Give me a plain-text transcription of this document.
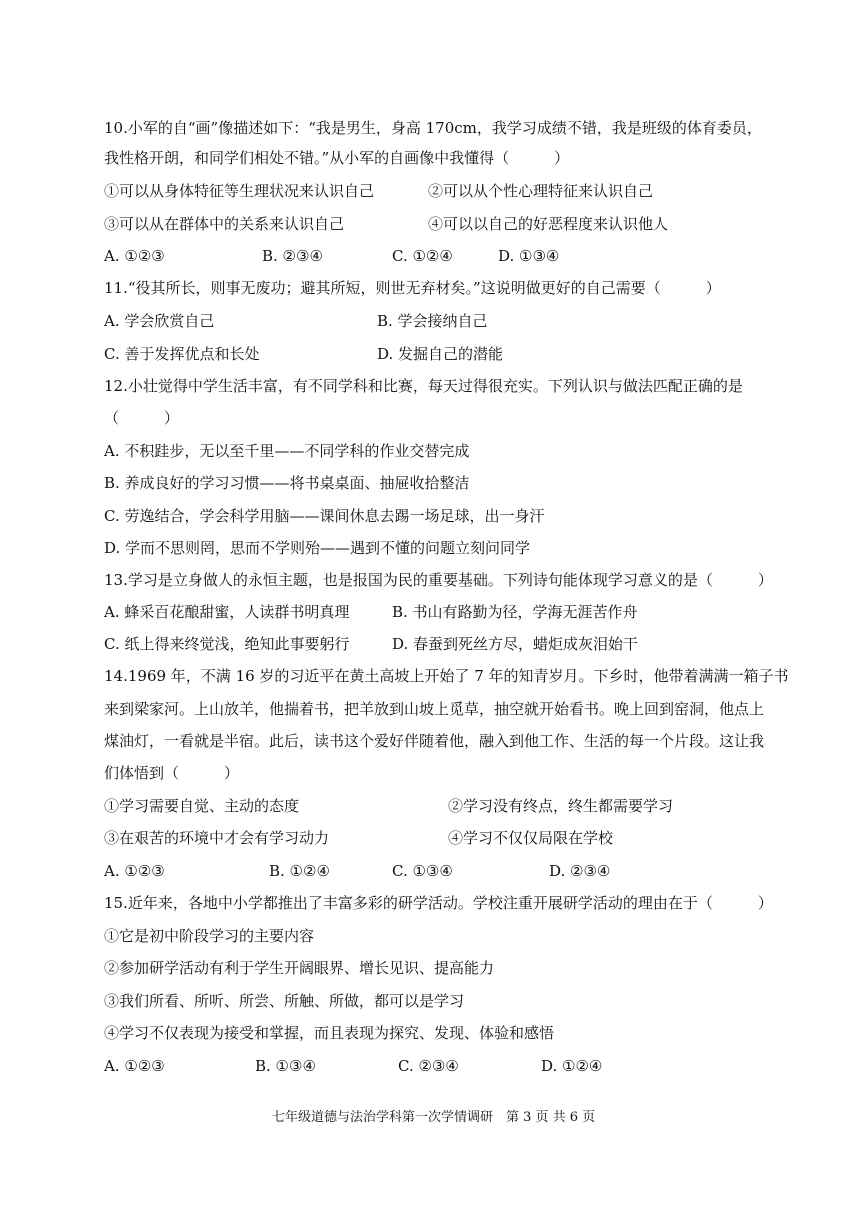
10.小军的自“画”像描述如下：“我是男生，身高 170cm，我学习成绩不错，我是班级的体育委员，
我性格开朗，和同学们相处不错。”从小军的自画像中我懂得（　　　）
①可以从身体特征等生理状况来认识自己	②可以从个性心理特征来认识自己
③可以从在群体中的关系来认识自己	④可以以自己的好恶程度来认识他人
A. ①②③	B. ②③④	C. ①②④	D. ①③④
11.“役其所长，则事无废功；避其所短，则世无弃材矣。”这说明做更好的自己需要（　　　）
A. 学会欣赏自己	B. 学会接纳自己
C. 善于发挥优点和长处	D. 发掘自己的潜能
12.小壮觉得中学生活丰富，有不同学科和比赛，每天过得很充实。下列认识与做法匹配正确的是
（　　　）
A. 不积跬步，无以至千里——不同学科的作业交替完成
B. 养成良好的学习习惯——将书桌桌面、抽屉收拾整洁
C. 劳逸结合，学会科学用脑——课间休息去踢一场足球，出一身汗
D. 学而不思则罔，思而不学则殆——遇到不懂的问题立刻问同学
13.学习是立身做人的永恒主题，也是报国为民的重要基础。下列诗句能体现学习意义的是（　　　）
A. 蜂采百花酿甜蜜，人读群书明真理	B. 书山有路勤为径，学海无涯苦作舟
C. 纸上得来终觉浅，绝知此事要躬行	D. 春蚕到死丝方尽，蜡炬成灰泪始干
14.1969 年，不满 16 岁的习近平在黄土高坡上开始了 7 年的知青岁月。下乡时，他带着满满一箱子书
来到梁家河。上山放羊，他揣着书，把羊放到山坡上觅草，抽空就开始看书。晚上回到窑洞，他点上
煤油灯，一看就是半宿。此后，读书这个爱好伴随着他，融入到他工作、生活的每一个片段。这让我
们体悟到（　　　）
①学习需要自觉、主动的态度	②学习没有终点，终生都需要学习
③在艰苦的环境中才会有学习动力	④学习不仅仅局限在学校
A. ①②③	B. ①②④	C. ①③④	D. ②③④
15.近年来，各地中小学都推出了丰富多彩的研学活动。学校注重开展研学活动的理由在于（　　　）
①它是初中阶段学习的主要内容
②参加研学活动有利于学生开阔眼界、增长见识、提高能力
③我们所看、所听、所尝、所触、所做，都可以是学习
④学习不仅表现为接受和掌握，而且表现为探究、发现、体验和感悟
A. ①②③	B. ①③④	C. ②③④	D. ①②④
七年级道德与法治学科第一次学情调研　第 3 页 共 6 页
